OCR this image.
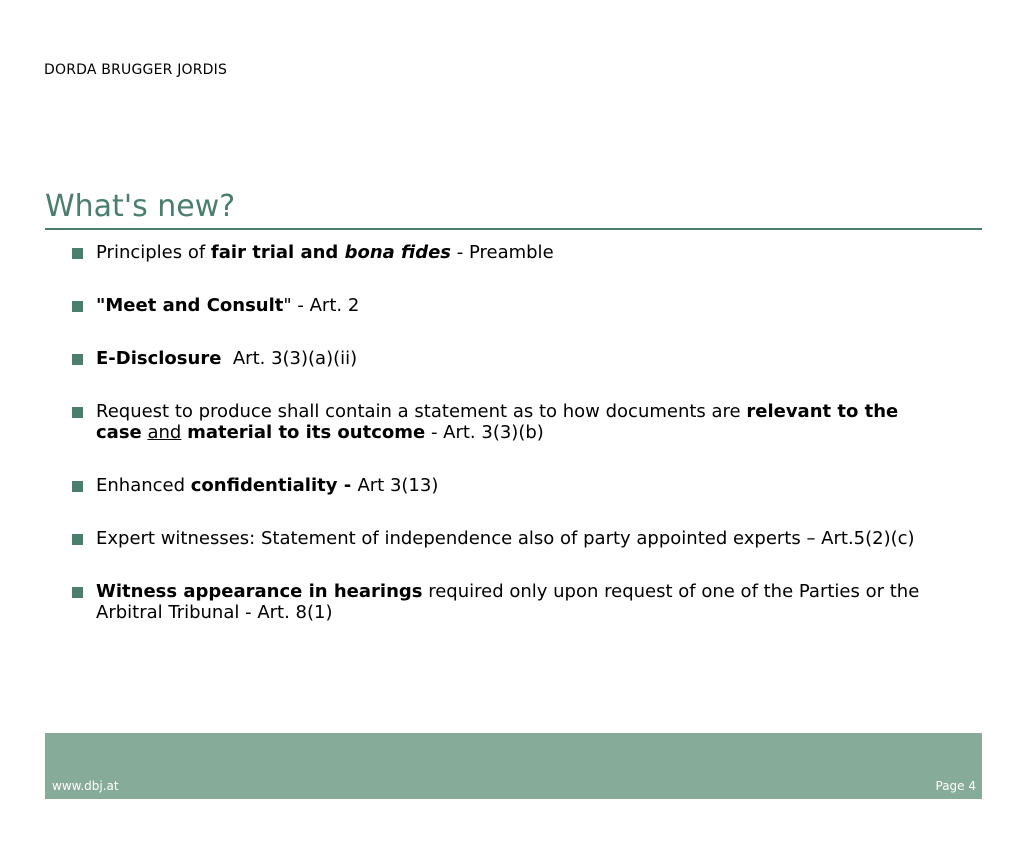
DORDA BRUGGER JORDIS
What's new?
Principles of fair trial and bona fides - Preamble
"Meet and Consult" - Art. 2
E-Disclosure  Art. 3(3)(a)(ii)
Request to produce shall contain a statement as to how documents are relevant to the case and material to its outcome - Art. 3(3)(b)
Enhanced confidentiality - Art 3(13)
Expert witnesses: Statement of independence also of party appointed experts – Art.5(2)(c)
Witness appearance in hearings required only upon request of one of the Parties or the Arbitral Tribunal - Art. 8(1)
www.dbj.at	Page 4
